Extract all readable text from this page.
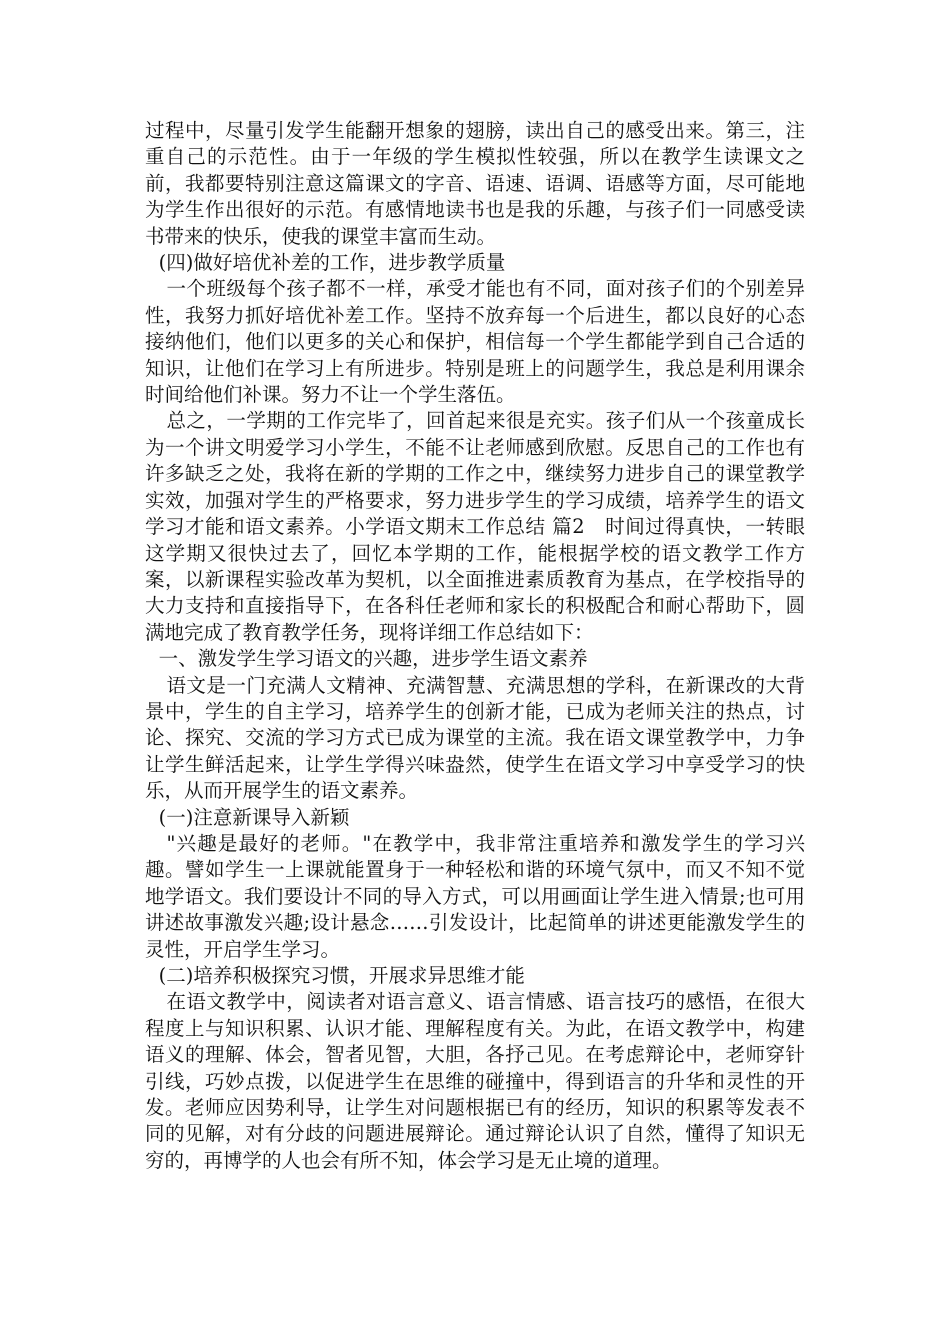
过程中，尽量引发学生能翻开想象的翅膀，读出自己的感受出来。第三，注重自己的示范性。由于一年级的学生模拟性较强，所以在教学生读课文之前，我都要特别注意这篇课文的字音、语速、语调、语感等方面，尽可能地为学生作出很好的示范。有感情地读书也是我的乐趣，与孩子们一同感受读书带来的快乐，使我的课堂丰富而生动。

(四)做好培优补差的工作，进步教学质量

一个班级每个孩子都不一样，承受才能也有不同，面对孩子们的个别差异性，我努力抓好培优补差工作。坚持不放弃每一个后进生，都以良好的心态接纳他们，他们以更多的关心和保护，相信每一个学生都能学到自己合适的知识，让他们在学习上有所进步。特别是班上的问题学生，我总是利用课余时间给他们补课。努力不让一个学生落伍。

总之，一学期的工作完毕了，回首起来很是充实。孩子们从一个孩童成长为一个讲文明爱学习小学生，不能不让老师感到欣慰。反思自己的工作也有许多缺乏之处，我将在新的学期的工作之中，继续努力进步自己的课堂教学实效，加强对学生的严格要求，努力进步学生的学习成绩，培养学生的语文学习才能和语文素养。小学语文期末工作总结 篇2　时间过得真快，一转眼这学期又很快过去了，回忆本学期的工作，能根据学校的语文教学工作方案，以新课程实验改革为契机，以全面推进素质教育为基点，在学校指导的大力支持和直接指导下，在各科任老师和家长的积极配合和耐心帮助下，圆满地完成了教育教学任务，现将详细工作总结如下：

一、激发学生学习语文的兴趣，进步学生语文素养

语文是一门充满人文精神、充满智慧、充满思想的学科，在新课改的大背景中，学生的自主学习，培养学生的创新才能，已成为老师关注的热点，讨论、探究、交流的学习方式已成为课堂的主流。我在语文课堂教学中，力争让学生鲜活起来，让学生学得兴味盎然，使学生在语文学习中享受学习的快乐，从而开展学生的语文素养。

(一)注意新课导入新颖

"兴趣是最好的老师。"在教学中，我非常注重培养和激发学生的学习兴趣。譬如学生一上课就能置身于一种轻松和谐的环境气氛中，而又不知不觉地学语文。我们要设计不同的导入方式，可以用画面让学生进入情景;也可用讲述故事激发兴趣;设计悬念……引发设计，比起简单的讲述更能激发学生的灵性，开启学生学习。

(二)培养积极探究习惯，开展求异思维才能

在语文教学中，阅读者对语言意义、语言情感、语言技巧的感悟，在很大程度上与知识积累、认识才能、理解程度有关。为此，在语文教学中，构建语义的理解、体会，智者见智，大胆，各抒己见。在考虑辩论中，老师穿针引线，巧妙点拨，以促进学生在思维的碰撞中，得到语言的升华和灵性的开发。老师应因势利导，让学生对问题根据已有的经历，知识的积累等发表不同的见解，对有分歧的问题进展辩论。通过辩论认识了自然，懂得了知识无穷的，再博学的人也会有所不知，体会学习是无止境的道理。
